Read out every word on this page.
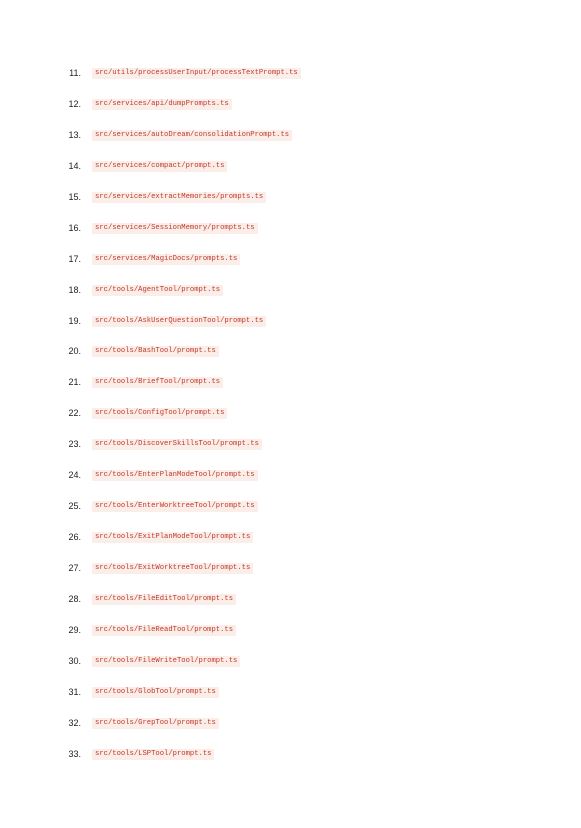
11.	src/utils/processUserInput/processTextPrompt.ts
12.	src/services/api/dumpPrompts.ts
13.	src/services/autoDream/consolidationPrompt.ts
14.	src/services/compact/prompt.ts
15.	src/services/extractMemories/prompts.ts
16.	src/services/SessionMemory/prompts.ts
17.	src/services/MagicDocs/prompts.ts
18.	src/tools/AgentTool/prompt.ts
19.	src/tools/AskUserQuestionTool/prompt.ts
20.	src/tools/BashTool/prompt.ts
21.	src/tools/BriefTool/prompt.ts
22.	src/tools/ConfigTool/prompt.ts
23.	src/tools/DiscoverSkillsTool/prompt.ts
24.	src/tools/EnterPlanModeTool/prompt.ts
25.	src/tools/EnterWorktreeTool/prompt.ts
26.	src/tools/ExitPlanModeTool/prompt.ts
27.	src/tools/ExitWorktreeTool/prompt.ts
28.	src/tools/FileEditTool/prompt.ts
29.	src/tools/FileReadTool/prompt.ts
30.	src/tools/FileWriteTool/prompt.ts
31.	src/tools/GlobTool/prompt.ts
32.	src/tools/GrepTool/prompt.ts
33.	src/tools/LSPTool/prompt.ts
